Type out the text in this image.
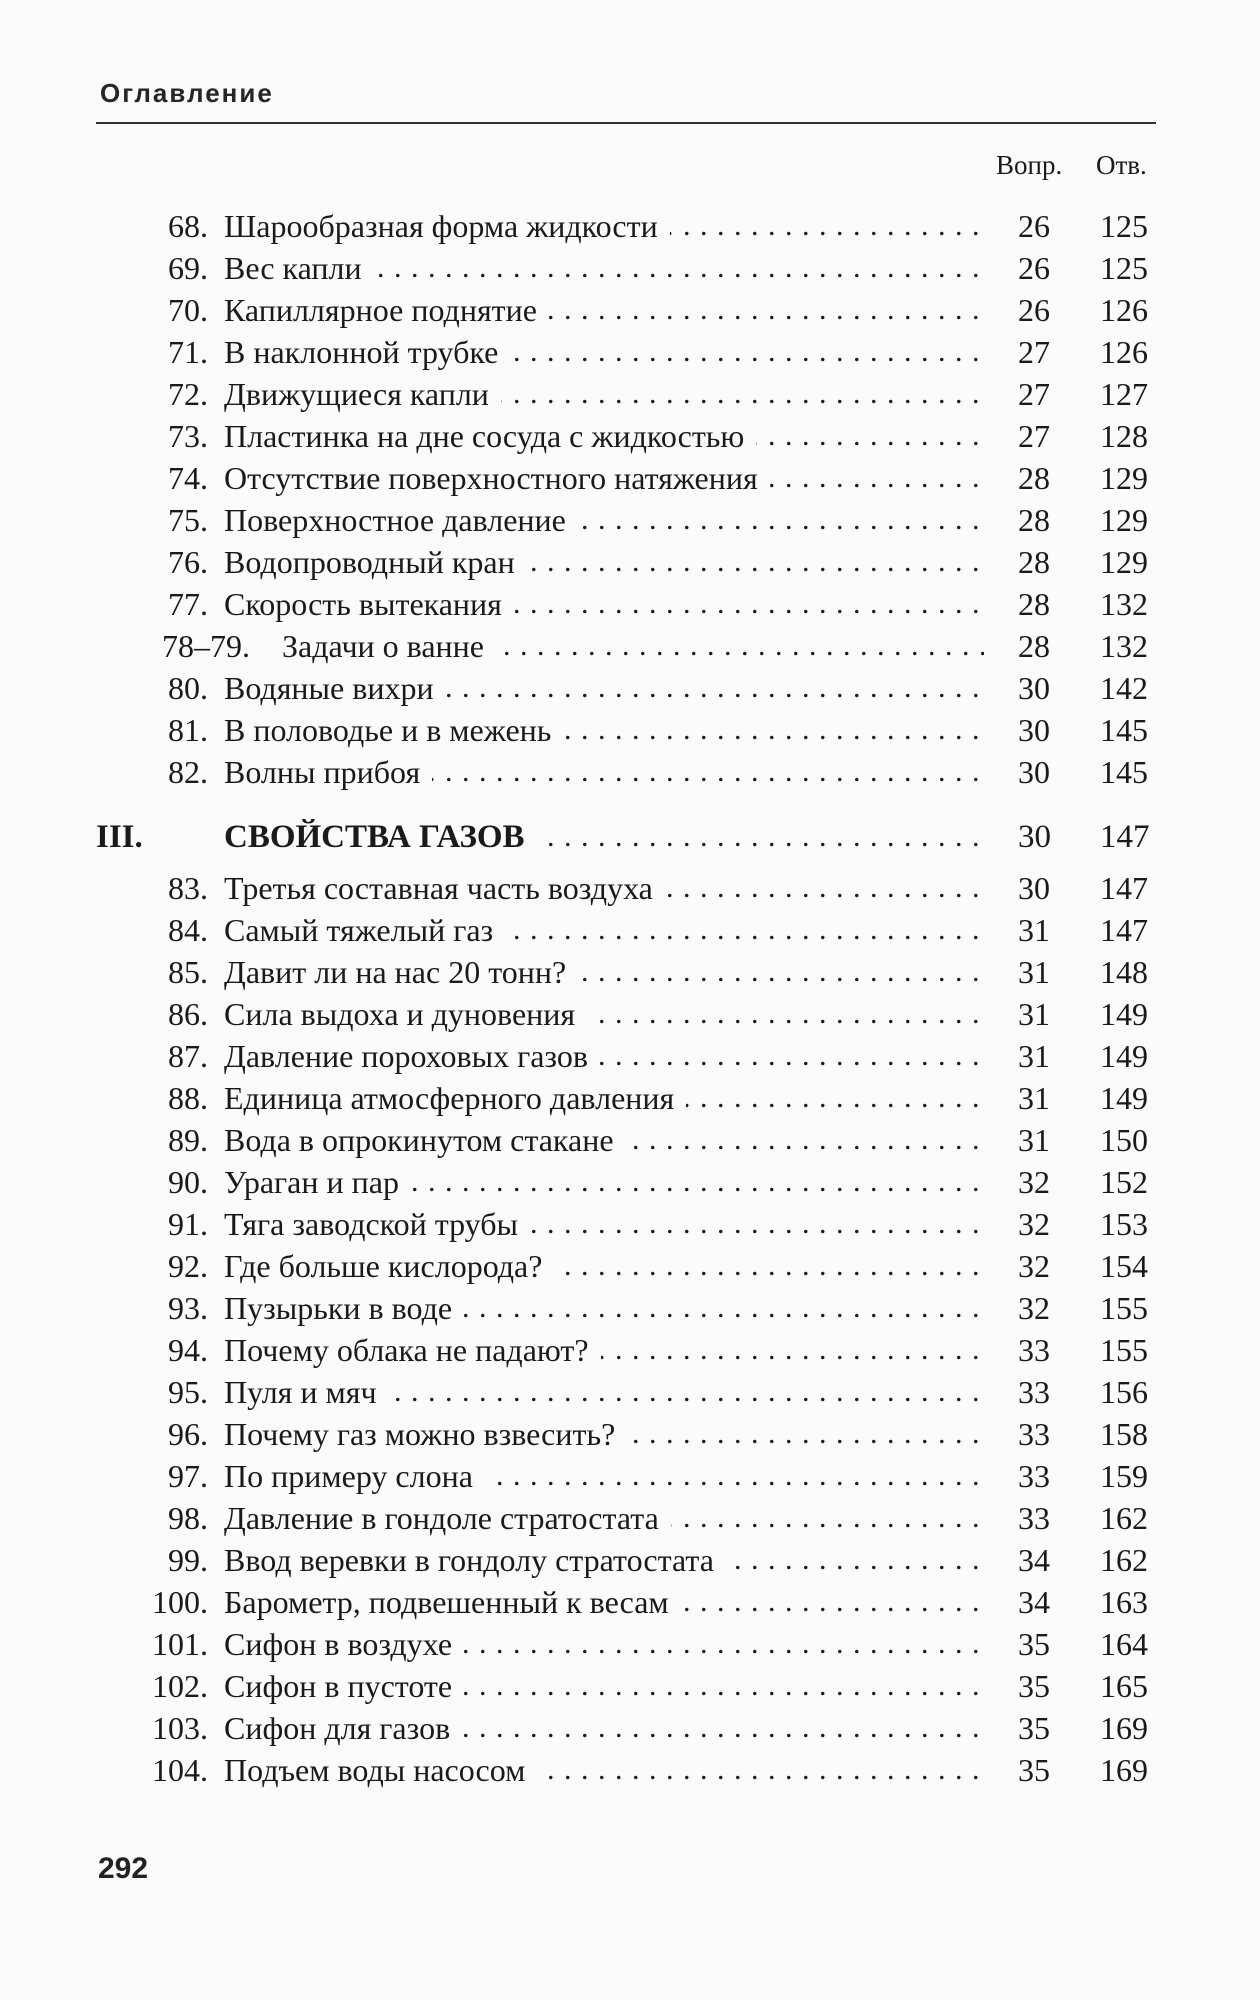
Оглавление
Вопр. Отв.
68. Шарообразная форма жидкости . . .	26 125
69. Вес капли . . .	26 125
70. Капиллярное поднятие . . .	26 126
71. В наклонной трубке . . .	27 126
72. Движущиеся капли . . .	27 127
73. Пластинка на дне сосуда с жидкостью . . .	27 128
74. Отсутствие поверхностного натяжения . . .	28 129
75. Поверхностное давление . . .	28 129
76. Водопроводный кран . . .	28 129
77. Скорость вытекания . . .	28 132
78–79. Задачи о ванне . . .	28 132
80. Водяные вихри . . .	30 142
81. В половодье и в межень . . .	30 145
82. Волны прибоя . . .	30 145
III. СВОЙСТВА ГАЗОВ . . .	30 147
83. Третья составная часть воздуха . . .	30 147
84. Самый тяжелый газ . . .	31 147
85. Давит ли на нас 20 тонн? . . .	31 148
86. Сила выдоха и дуновения . . .	31 149
87. Давление пороховых газов . . .	31 149
88. Единица атмосферного давления . . .	31 149
89. Вода в опрокинутом стакане . . .	31 150
90. Ураган и пар . . .	32 152
91. Тяга заводской трубы . . .	32 153
92. Где больше кислорода? . . .	32 154
93. Пузырьки в воде . . .	32 155
94. Почему облака не падают? . . .	33 155
95. Пуля и мяч . . .	33 156
96. Почему газ можно взвесить? . . .	33 158
97. По примеру слона . . .	33 159
98. Давление в гондоле стратостата . . .	33 162
99. Ввод веревки в гондолу стратостата . . .	34 162
100. Барометр, подвешенный к весам . . .	34 163
101. Сифон в воздухе . . .	35 164
102. Сифон в пустоте . . .	35 165
103. Сифон для газов . . .	35 169
104. Подъем воды насосом . . .	35 169
292
